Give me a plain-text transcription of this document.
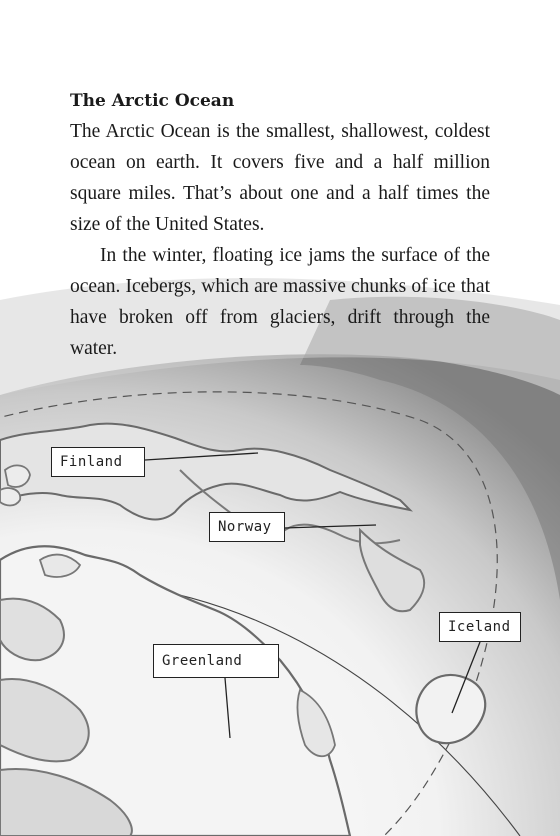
The Arctic Ocean

The Arctic Ocean is the smallest, shallowest, coldest ocean on earth. It covers five and a half million square miles. That’s about one and a half times the size of the United States.

In the winter, floating ice jams the surface of the ocean. Icebergs, which are massive chunks of ice that have broken off from glaciers, drift through the water.

Finland
Norway
Iceland
Greenland
